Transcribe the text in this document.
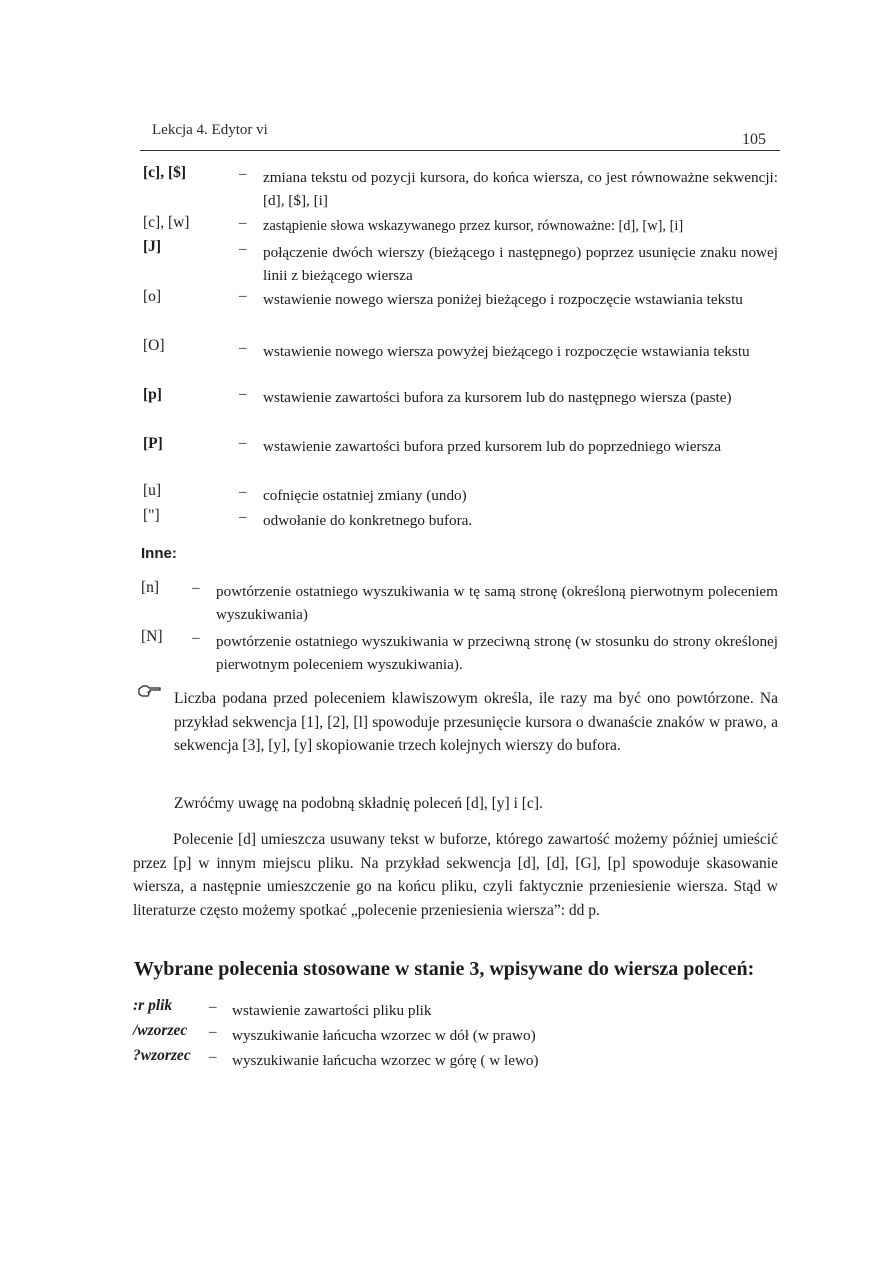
Lekcja 4. Edytor vi
105
[c], [$]	– zmiana tekstu od pozycji kursora, do końca wiersza, co jest równoważne sekwencji: [d], [$], [i]
[c], [w]	– zastąpienie słowa wskazywanego przez kursor, równoważne: [d], [w], [i]
[J]	– połączenie dwóch wierszy (bieżącego i następnego) poprzez usunięcie znaku nowej linii z bieżącego wiersza
[o]	– wstawienie nowego wiersza poniżej bieżącego i rozpoczęcie wstawiania tekstu
[O]	– wstawienie nowego wiersza powyżej bieżącego i rozpoczęcie wstawiania tekstu
[p]	– wstawienie zawartości bufora za kursorem lub do następnego wiersza (paste)
[P]	– wstawienie zawartości bufora przed kursorem lub do poprzedniego wiersza
[u]	– cofnięcie ostatniej zmiany (undo)
["]	– odwołanie do konkretnego bufora.
Inne:
[n] – powtórzenie ostatniego wyszukiwania w tę samą stronę (określoną pierwotnym poleceniem wyszukiwania)
[N] – powtórzenie ostatniego wyszukiwania w przeciwną stronę (w stosunku do strony określonej pierwotnym poleceniem wyszukiwania).
Liczba podana przed poleceniem klawiszowym określa, ile razy ma być ono powtórzone. Na przykład sekwencja [1], [2], [l] spowoduje przesunięcie kursora o dwanaście znaków w prawo, a sekwencja [3], [y], [y] skopiowanie trzech kolejnych wierszy do bufora.
Zwróćmy uwagę na podobną składnię poleceń [d], [y] i [c].
Polecenie [d] umieszcza usuwany tekst w buforze, którego zawartość możemy później umieścić przez [p] w innym miejscu pliku. Na przykład sekwencja [d], [d], [G], [p] spowoduje skasowanie wiersza, a następnie umieszczenie go na końcu pliku, czyli faktycznie przeniesienie wiersza. Stąd w literaturze często możemy spotkać „polecenie przeniesienia wiersza”: dd p.
Wybrane polecenia stosowane w stanie 3, wpisywane do wiersza poleceń:
:r plik – wstawienie zawartości pliku plik
/wzorzec – wyszukiwanie łańcucha wzorzec w dół (w prawo)
?wzorzec – wyszukiwanie łańcucha wzorzec w górę ( w lewo)
